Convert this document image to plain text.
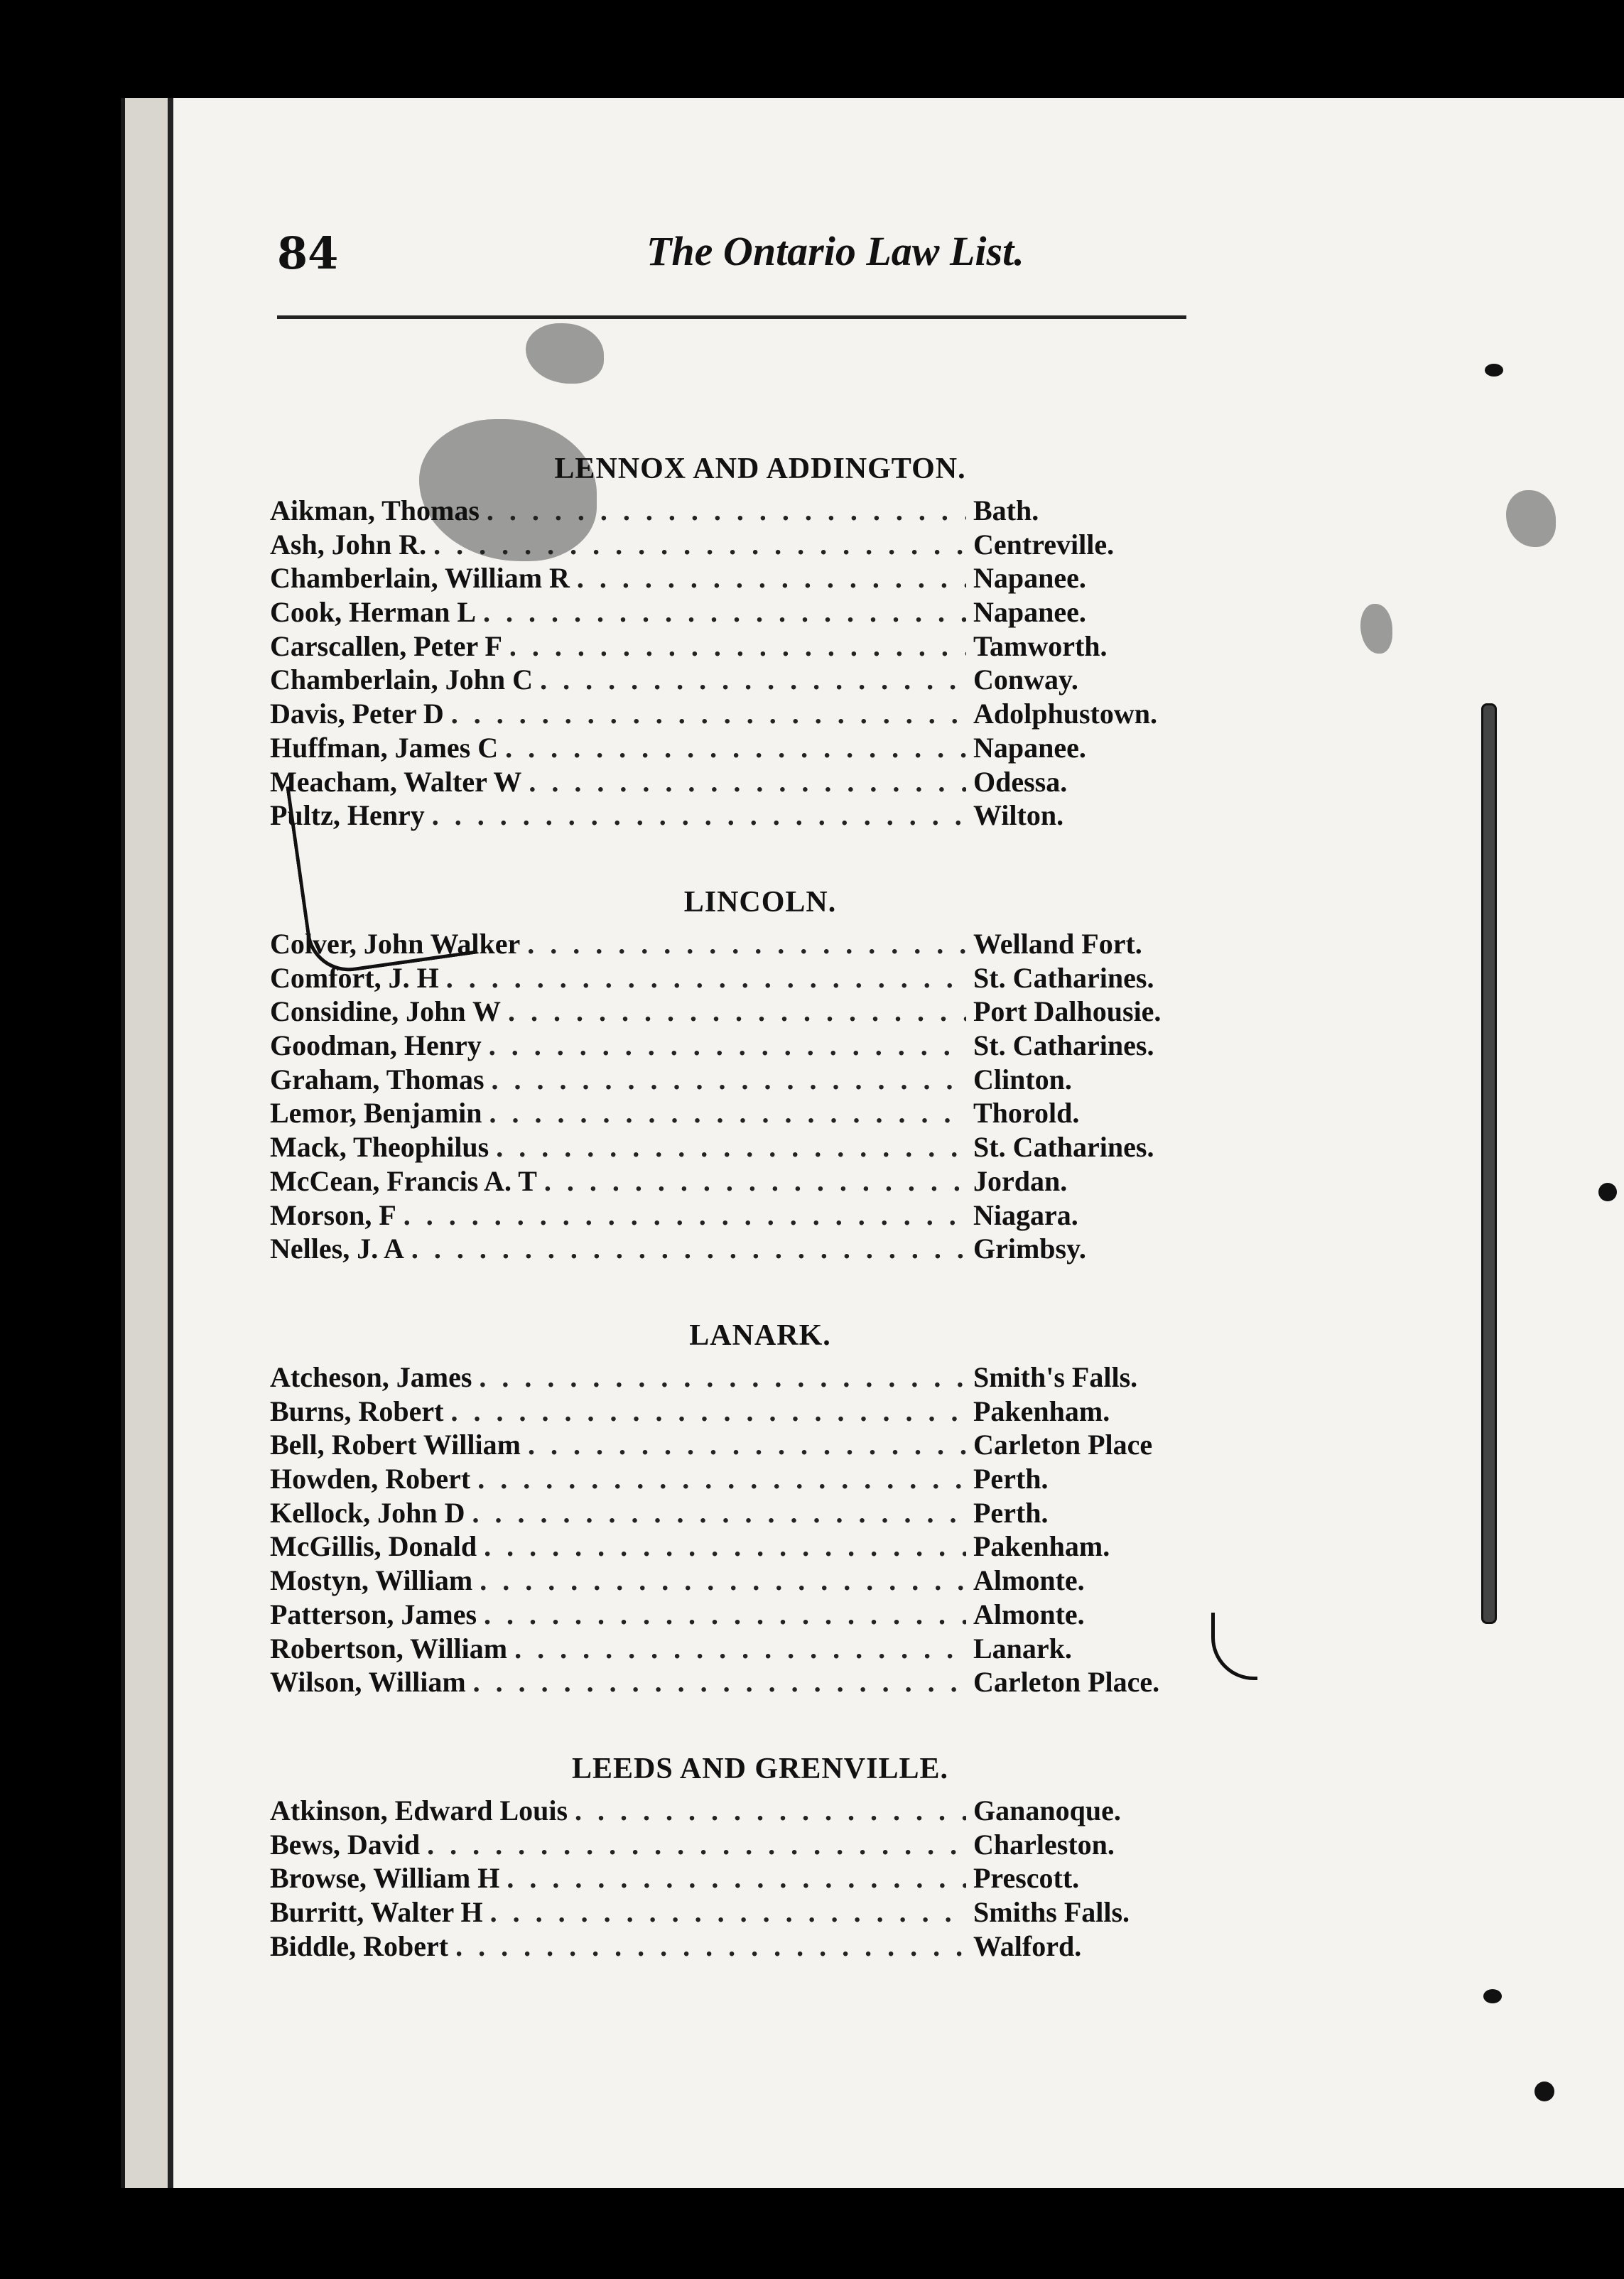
84	The Ontario Law List.
LENNOX AND ADDINGTON.
Aikman, Thomas . . .	Bath.
Ash, John R. . . .	Centreville.
Chamberlain, William R . . .	Napanee.
Cook, Herman L . . .	Napanee.
Carscallen, Peter F . . .	Tamworth.
Chamberlain, John C . . .	Conway.
Davis, Peter D . . .	Adolphustown.
Huffman, James C . . .	Napanee.
Meacham, Walter W . . .	Odessa.
Pultz, Henry . . .	Wilton.
LINCOLN.
Colver, John Walker . . .	Welland Fort.
Comfort, J. H . . .	St. Catharines.
Considine, John W . . .	Port Dalhousie.
Goodman, Henry . . .	St. Catharines.
Graham, Thomas . . .	Clinton.
Lemor, Benjamin . . .	Thorold.
Mack, Theophilus . . .	St. Catharines.
McCean, Francis A. T . . .	Jordan.
Morson, F . . .	Niagara.
Nelles, J. A . . .	Grimbsy.
LANARK.
Atcheson, James . . .	Smith's Falls.
Burns, Robert . . .	Pakenham.
Bell, Robert William . . .	Carleton Place
Howden, Robert . . .	Perth.
Kellock, John D . . .	Perth.
McGillis, Donald . . .	Pakenham.
Mostyn, William . . .	Almonte.
Patterson, James . . .	Almonte.
Robertson, William . . .	Lanark.
Wilson, William . . .	Carleton Place.
LEEDS AND GRENVILLE.
Atkinson, Edward Louis . . .	Gananoque.
Bews, David . . .	Charleston.
Browse, William H . . .	Prescott.
Burritt, Walter H . . .	Smiths Falls.
Biddle, Robert . . .	Walford.
